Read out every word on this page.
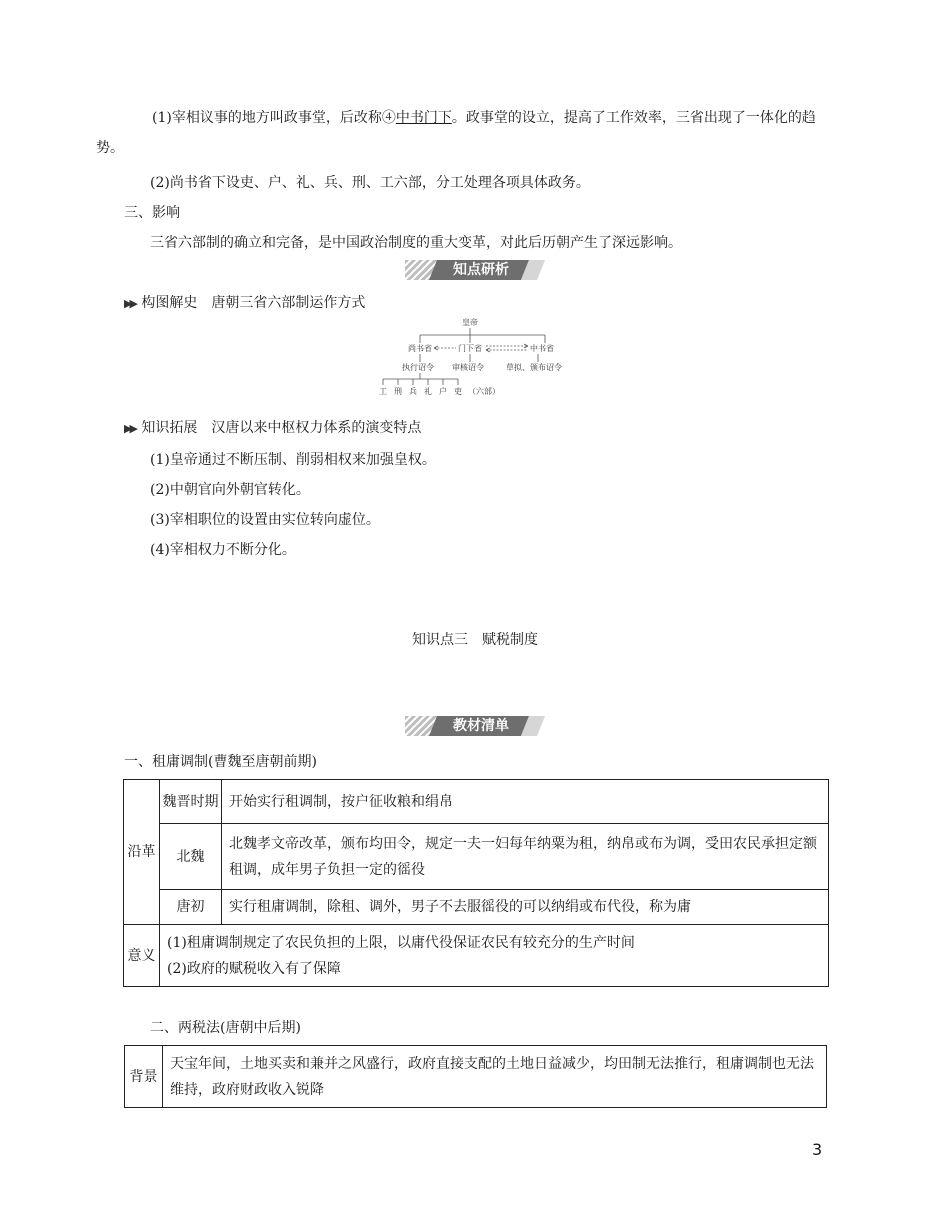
(1)宰相议事的地方叫政事堂，后改称④中书门下。政事堂的设立，提高了工作效率，三省出现了一体化的趋
势。
(2)尚书省下设吏、户、礼、兵、刑、工六部，分工处理各项具体政务。
三、影响
三省六部制的确立和完备，是中国政治制度的重大变革，对此后历朝产生了深远影响。
知点研析
▶▶ 构图解史　唐朝三省六部制运作方式
皇帝
尚书省	门下省	中书省
执行诏令 审核诏令	草拟、颁布诏令
工 刑 兵 礼 户 吏 （六部）
▶▶ 知识拓展　汉唐以来中枢权力体系的演变特点
(1)皇帝通过不断压制、削弱相权来加强皇权。
(2)中朝官向外朝官转化。
(3)宰相职位的设置由实位转向虚位。
(4)宰相权力不断分化。
知识点三　赋税制度
教材清单
一、租庸调制(曹魏至唐朝前期)
沿革	魏晋时期	开始实行租调制，按户征收粮和绢帛
	北魏	北魏孝文帝改革，颁布均田令，规定一夫一妇每年纳粟为租，纳帛或布为调，受田农民承担定额租调，成年男子负担一定的徭役
	唐初	实行租庸调制，除租、调外，男子不去服徭役的可以纳绢或布代役，称为庸
意义	(1)租庸调制规定了农民负担的上限，以庸代役保证农民有较充分的生产时间
(2)政府的赋税收入有了保障	
二、两税法(唐朝中后期)
背景	天宝年间，土地买卖和兼并之风盛行，政府直接支配的土地日益减少，均田制无法推行，租庸调制也无法维持，政府财政收入锐降
3
